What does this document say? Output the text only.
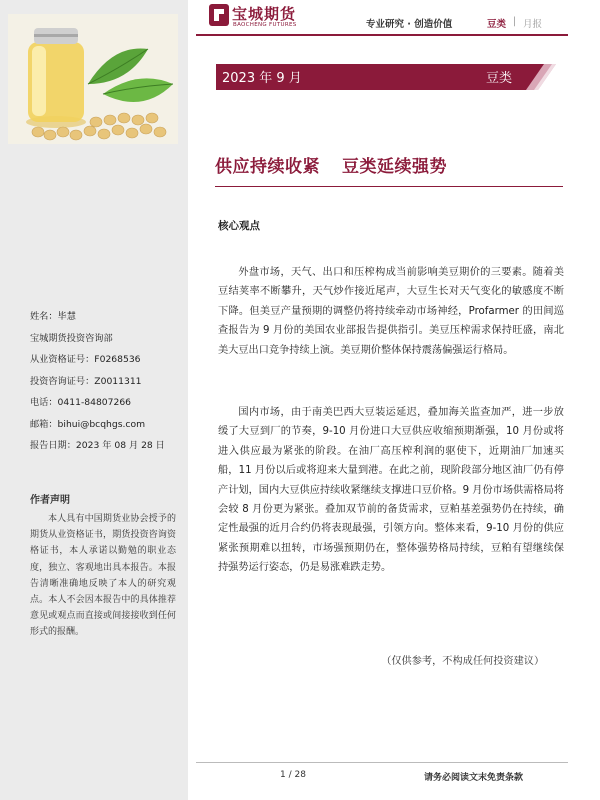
姓名：毕慧
宝城期货投资咨询部
从业资格证号：F0268536
投资咨询证号：Z0011311
电话：0411-84807266
邮箱：bihui@bcqhgs.com
报告日期：2023 年 08 月 28 日
作者声明
本人具有中国期货业协会授予的期货从业资格证书，期货投资咨询资格证书，本人承诺以勤勉的职业态度，独立、客观地出具本报告。本报告清晰准确地反映了本人的研究观点。本人不会因本报告中的具体推荐意见或观点而直接或间接接收到任何形式的报酬。
宝城期货
BAOCHENG FUTURES	专业研究 · 创造价值	豆类 | 月报
2023 年 9 月	豆类
供应持续收紧 豆类延续强势
核心观点

外盘市场，天气、出口和压榨构成当前影响美豆期价的三要素。随着美豆结荚率不断攀升，天气炒作接近尾声，大豆生长对天气变化的敏感度不断下降。但美豆产量预期的调整仍将持续牵动市场神经，Profarmer 的田间巡查报告为 9 月份的美国农业部报告提供指引。美豆压榨需求保持旺盛，南北美大豆出口竞争持续上演。美豆期价整体保持震荡偏强运行格局。

国内市场，由于南美巴西大豆装运延迟，叠加海关监查加严，进一步放缓了大豆到厂的节奏，9-10 月份进口大豆供应收缩预期渐强，10 月份或将进入供应最为紧张的阶段。在油厂高压榨利润的驱使下，近期油厂加速买船，11 月份以后或将迎来大量到港。在此之前，现阶段部分地区油厂仍有停产计划，国内大豆供应持续收紧继续支撑进口豆价格。9 月份市场供需格局将会较 8 月份更为紧张。叠加双节前的备货需求，豆粕基差强势仍在持续，确定性最强的近月合约仍将表现最强，引领方向。整体来看，9-10 月份的供应紧张预期难以扭转，市场强预期仍在，整体强势格局持续，豆粕有望继续保持强势运行姿态，仍是易涨难跌走势。

（仅供参考，不构成任何投资建议）

1 / 28	请务必阅读文末免责条款
